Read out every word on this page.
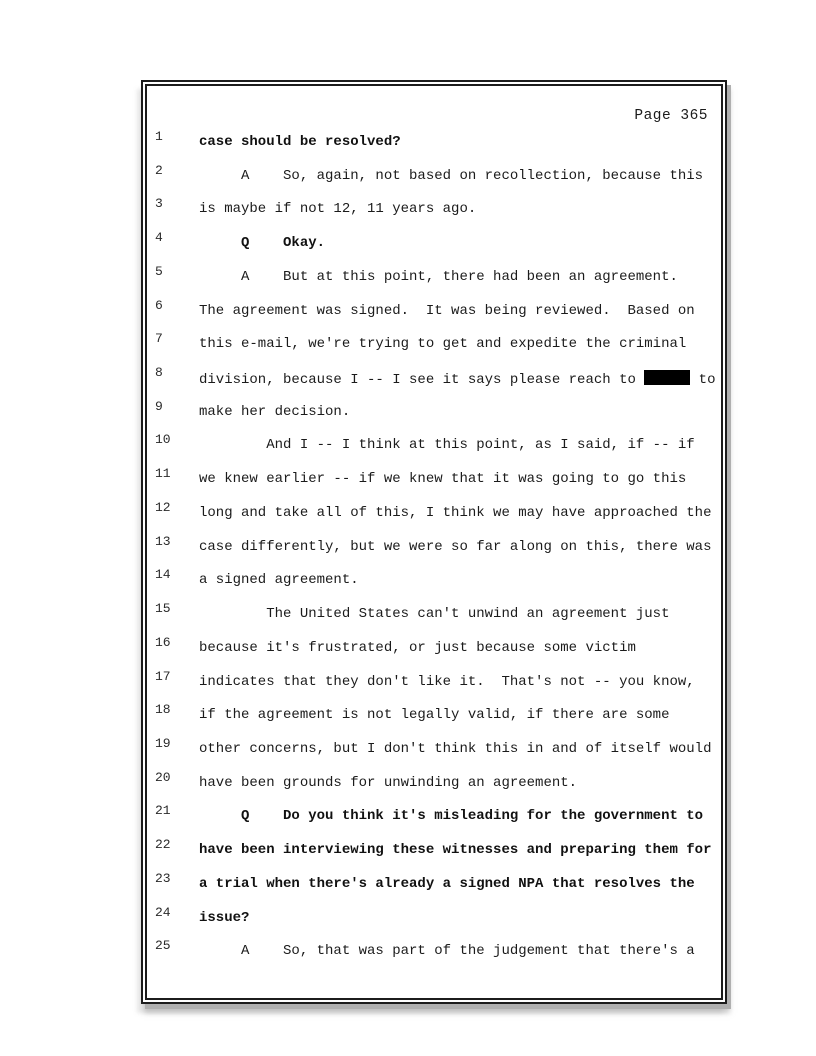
Page 365
1	case should be resolved?
2	A    So, again, not based on recollection, because this
3	is maybe if not 12, 11 years ago.
4	Q    Okay.
5	A    But at this point, there had been an agreement.
6	The agreement was signed.  It was being reviewed.  Based on
7	this e-mail, we're trying to get and expedite the criminal
8	division, because I -- I see it says please reach to	to
9	make her decision.
10	And I -- I think at this point, as I said, if -- if
11	we knew earlier -- if we knew that it was going to go this
12	long and take all of this, I think we may have approached the
13	case differently, but we were so far along on this, there was
14	a signed agreement.
15	The United States can't unwind an agreement just
16	because it's frustrated, or just because some victim
17	indicates that they don't like it.  That's not -- you know,
18	if the agreement is not legally valid, if there are some
19	other concerns, but I don't think this in and of itself would
20	have been grounds for unwinding an agreement.
21	Q    Do you think it's misleading for the government to
22	have been interviewing these witnesses and preparing them for
23	a trial when there's already a signed NPA that resolves the
24	issue?
25	A    So, that was part of the judgement that there's a
